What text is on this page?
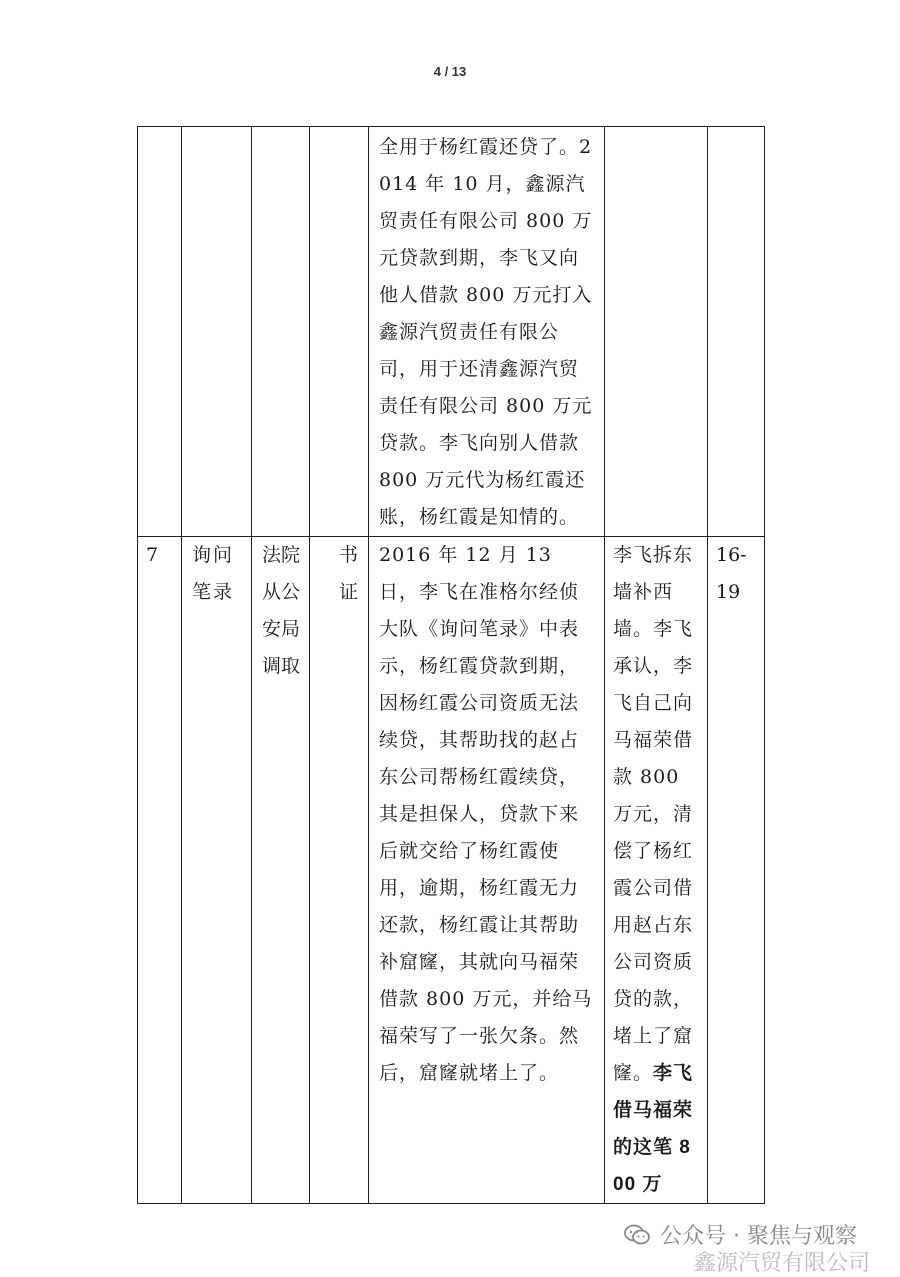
4 / 13

				全用于杨红霞还贷了。2014 年 10 月，鑫源汽贸责任有限公司 800 万元贷款到期，李飞又向他人借款 800 万元打入鑫源汽贸责任有限公司，用于还清鑫源汽贸责任有限公司 800 万元贷款。李飞向别人借款 800 万元代为杨红霞还账，杨红霞是知情的。		

7	询问笔录	法院从公安局调取	书证	2016 年 12 月 13 日，李飞在准格尔经侦大队《询问笔录》中表示，杨红霞贷款到期，因杨红霞公司资质无法续贷，其帮助找的赵占东公司帮杨红霞续贷，其是担保人，贷款下来后就交给了杨红霞使用，逾期，杨红霞无力还款，杨红霞让其帮助补窟窿，其就向马福荣借款 800 万元，并给马福荣写了一张欠条。然后，窟窿就堵上了。	李飞拆东墙补西墙。李飞承认，李飞自己向马福荣借款 800 万元，清偿了杨红霞公司借用赵占东公司资质贷的款，堵上了窟窿。李飞借马福荣的这笔 800 万	16-19
公众号 · 聚焦与观察
鑫源汽贸有限公司
